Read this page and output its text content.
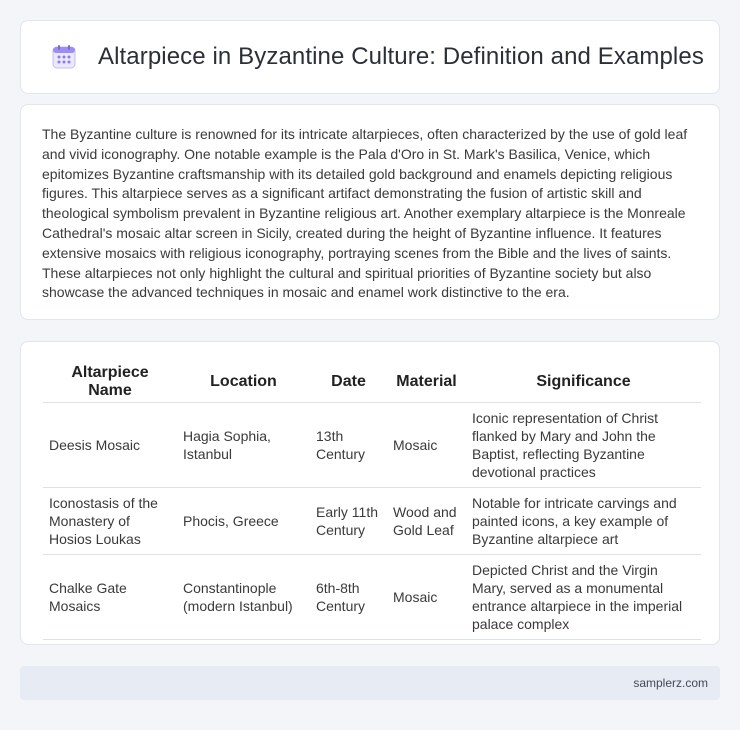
Altarpiece in Byzantine Culture: Definition and Examples

The Byzantine culture is renowned for its intricate altarpieces, often characterized by the use of gold leaf and vivid iconography. One notable example is the Pala d'Oro in St. Mark's Basilica, Venice, which epitomizes Byzantine craftsmanship with its detailed gold background and enamels depicting religious figures. This altarpiece serves as a significant artifact demonstrating the fusion of artistic skill and theological symbolism prevalent in Byzantine religious art. Another exemplary altarpiece is the Monreale Cathedral's mosaic altar screen in Sicily, created during the height of Byzantine influence. It features extensive mosaics with religious iconography, portraying scenes from the Bible and the lives of saints. These altarpieces not only highlight the cultural and spiritual priorities of Byzantine society but also showcase the advanced techniques in mosaic and enamel work distinctive to the era.

Altarpiece Name	Location	Date	Material	Significance
Deesis Mosaic	Hagia Sophia, Istanbul	13th Century	Mosaic	Iconic representation of Christ flanked by Mary and John the Baptist, reflecting Byzantine devotional practices
Iconostasis of the Monastery of Hosios Loukas	Phocis, Greece	Early 11th Century	Wood and Gold Leaf	Notable for intricate carvings and painted icons, a key example of Byzantine altarpiece art
Chalke Gate Mosaics	Constantinople (modern Istanbul)	6th-8th Century	Mosaic	Depicted Christ and the Virgin Mary, served as a monumental entrance altarpiece in the imperial palace complex
samplerz.com
